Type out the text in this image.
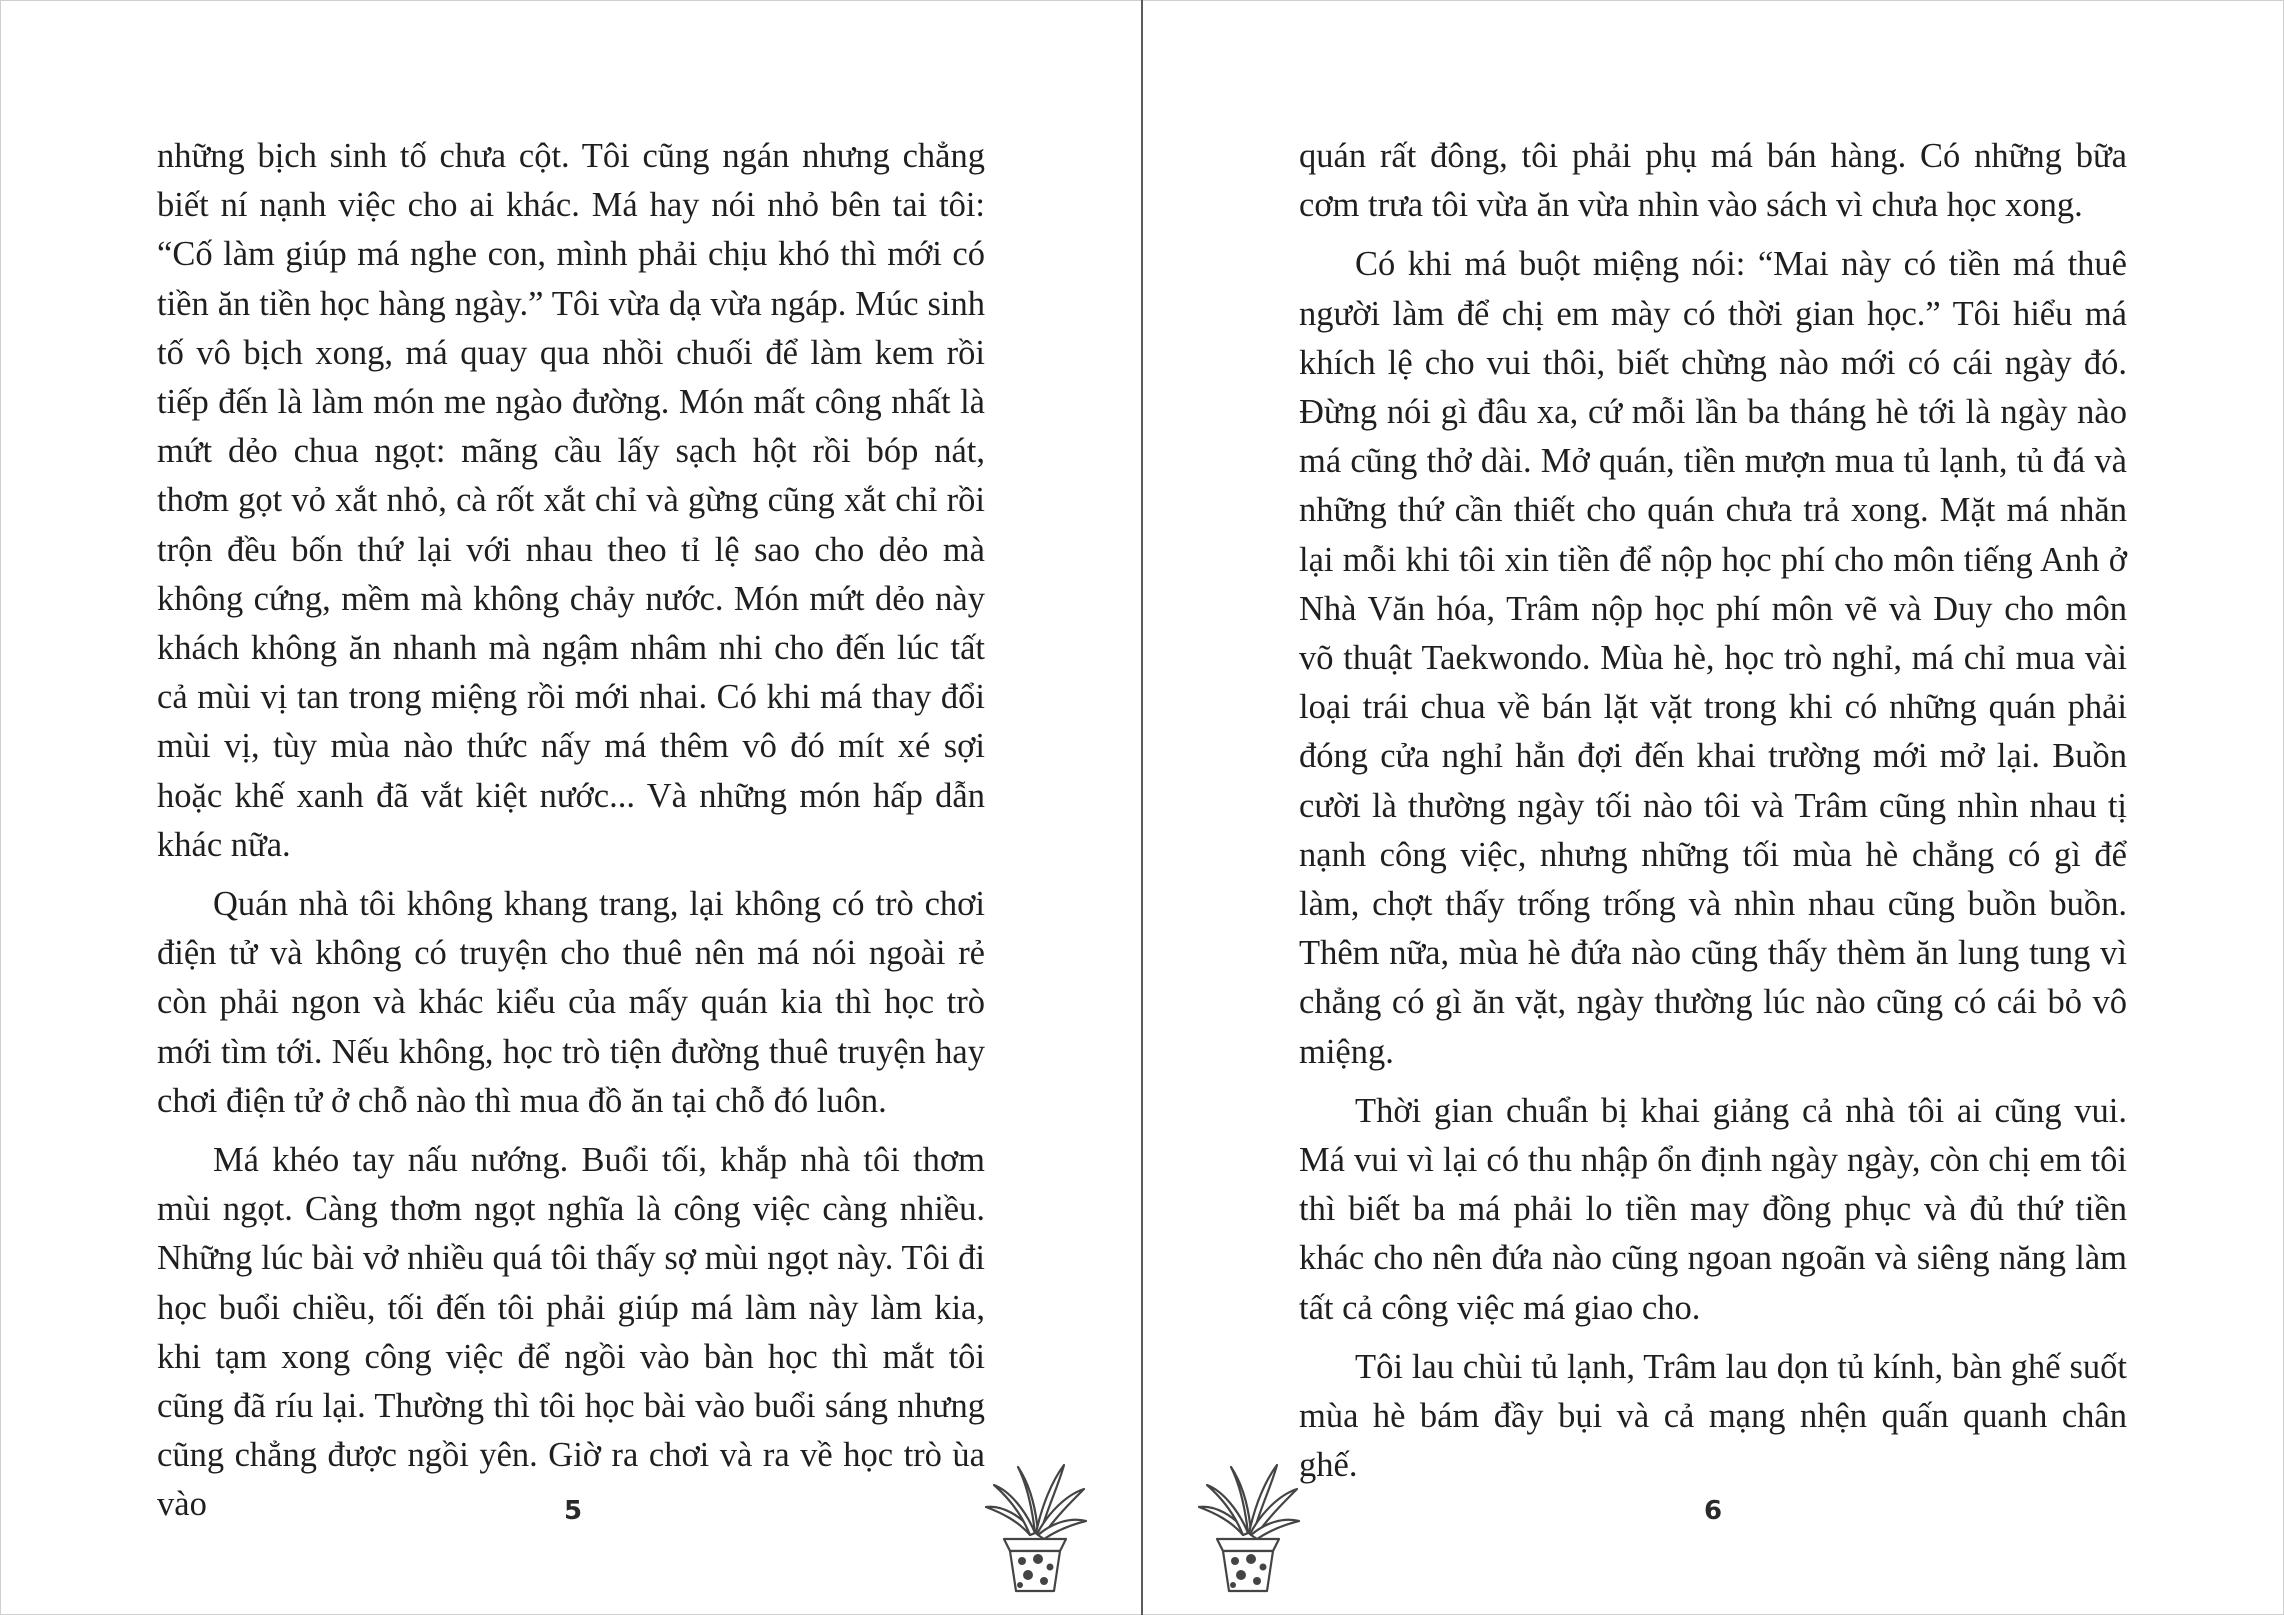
những bịch sinh tố chưa cột. Tôi cũng ngán nhưng chẳng biết ní nạnh việc cho ai khác. Má hay nói nhỏ bên tai tôi: “Cố làm giúp má nghe con, mình phải chịu khó thì mới có tiền ăn tiền học hàng ngày.” Tôi vừa dạ vừa ngáp. Múc sinh tố vô bịch xong, má quay qua nhồi chuối để làm kem rồi tiếp đến là làm món me ngào đường. Món mất công nhất là mứt dẻo chua ngọt: mãng cầu lấy sạch hột rồi bóp nát, thơm gọt vỏ xắt nhỏ, cà rốt xắt chỉ và gừng cũng xắt chỉ rồi trộn đều bốn thứ lại với nhau theo tỉ lệ sao cho dẻo mà không cứng, mềm mà không chảy nước. Món mứt dẻo này khách không ăn nhanh mà ngậm nhâm nhi cho đến lúc tất cả mùi vị tan trong miệng rồi mới nhai. Có khi má thay đổi mùi vị, tùy mùa nào thức nấy má thêm vô đó mít xé sợi hoặc khế xanh đã vắt kiệt nước... Và những món hấp dẫn khác nữa.

Quán nhà tôi không khang trang, lại không có trò chơi điện tử và không có truyện cho thuê nên má nói ngoài rẻ còn phải ngon và khác kiểu của mấy quán kia thì học trò mới tìm tới. Nếu không, học trò tiện đường thuê truyện hay chơi điện tử ở chỗ nào thì mua đồ ăn tại chỗ đó luôn.

Má khéo tay nấu nướng. Buổi tối, khắp nhà tôi thơm mùi ngọt. Càng thơm ngọt nghĩa là công việc càng nhiều. Những lúc bài vở nhiều quá tôi thấy sợ mùi ngọt này. Tôi đi học buổi chiều, tối đến tôi phải giúp má làm này làm kia, khi tạm xong công việc để ngồi vào bàn học thì mắt tôi cũng đã ríu lại. Thường thì tôi học bài vào buổi sáng nhưng cũng chẳng được ngồi yên. Giờ ra chơi và ra về học trò ùa vào	5

quán rất đông, tôi phải phụ má bán hàng. Có những bữa cơm trưa tôi vừa ăn vừa nhìn vào sách vì chưa học xong.

Có khi má buột miệng nói: “Mai này có tiền má thuê người làm để chị em mày có thời gian học.” Tôi hiểu má khích lệ cho vui thôi, biết chừng nào mới có cái ngày đó. Đừng nói gì đâu xa, cứ mỗi lần ba tháng hè tới là ngày nào má cũng thở dài. Mở quán, tiền mượn mua tủ lạnh, tủ đá và những thứ cần thiết cho quán chưa trả xong. Mặt má nhăn lại mỗi khi tôi xin tiền để nộp học phí cho môn tiếng Anh ở Nhà Văn hóa, Trâm nộp học phí môn vẽ và Duy cho môn võ thuật Taekwondo. Mùa hè, học trò nghỉ, má chỉ mua vài loại trái chua về bán lặt vặt trong khi có những quán phải đóng cửa nghỉ hẳn đợi đến khai trường mới mở lại. Buồn cười là thường ngày tối nào tôi và Trâm cũng nhìn nhau tị nạnh công việc, nhưng những tối mùa hè chẳng có gì để làm, chợt thấy trống trống và nhìn nhau cũng buồn buồn. Thêm nữa, mùa hè đứa nào cũng thấy thèm ăn lung tung vì chẳng có gì ăn vặt, ngày thường lúc nào cũng có cái bỏ vô miệng.

Thời gian chuẩn bị khai giảng cả nhà tôi ai cũng vui. Má vui vì lại có thu nhập ổn định ngày ngày, còn chị em tôi thì biết ba má phải lo tiền may đồng phục và đủ thứ tiền khác cho nên đứa nào cũng ngoan ngoãn và siêng năng làm tất cả công việc má giao cho.

Tôi lau chùi tủ lạnh, Trâm lau dọn tủ kính, bàn ghế suốt mùa hè bám đầy bụi và cả mạng nhện quấn quanh chân ghế.

6
